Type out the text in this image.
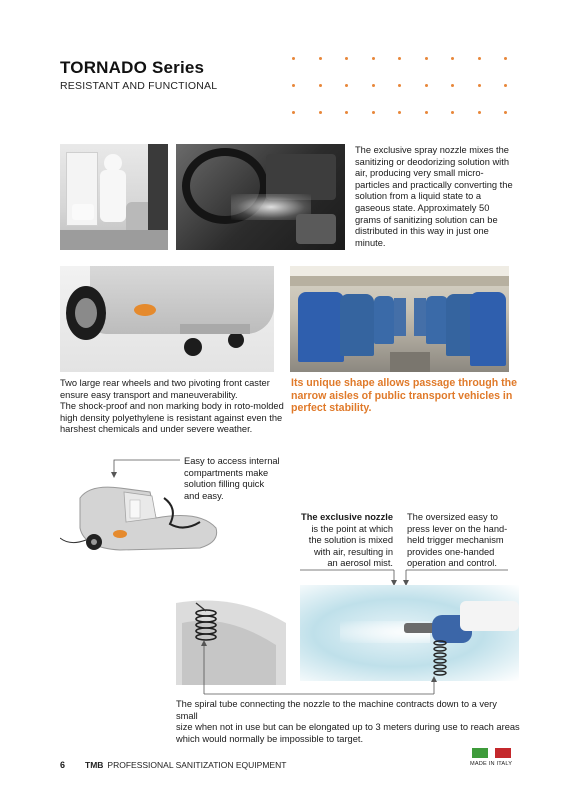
TORNADO Series
RESISTANT AND FUNCTIONAL
The exclusive spray nozzle mixes the sanitizing or deodorizing solution with air, producing very small micro-particles and practically converting the solution from a liquid state to a gaseous state. Approximately 50 grams of sanitizing solution can be distributed in this way in just one minute.
Two large rear wheels and two pivoting front caster
ensure easy transport and maneuverability.
The shock-proof and non marking body in roto-molded
high density polyethylene is resistant against even the
harshest chemicals and under severe weather.
Its unique shape allows passage through the
narrow aisles of public transport vehicles in
perfect stability.
Easy to access internal
compartments make
solution filling quick
and easy.
The exclusive nozzle
is the point at which
the solution is mixed
with air, resulting in
an aerosol mist.
The oversized easy to
press lever on the hand-
held trigger mechanism
provides one-handed
operation and control.
The spiral tube connecting the nozzle to the machine contracts down to a very small
size when not in use but can be elongated up to 3 meters during use to reach areas
which would normally be impossible to target.
6 TMB PROFESSIONAL SANITIZATION EQUIPMENT	MADE IN ITALY
